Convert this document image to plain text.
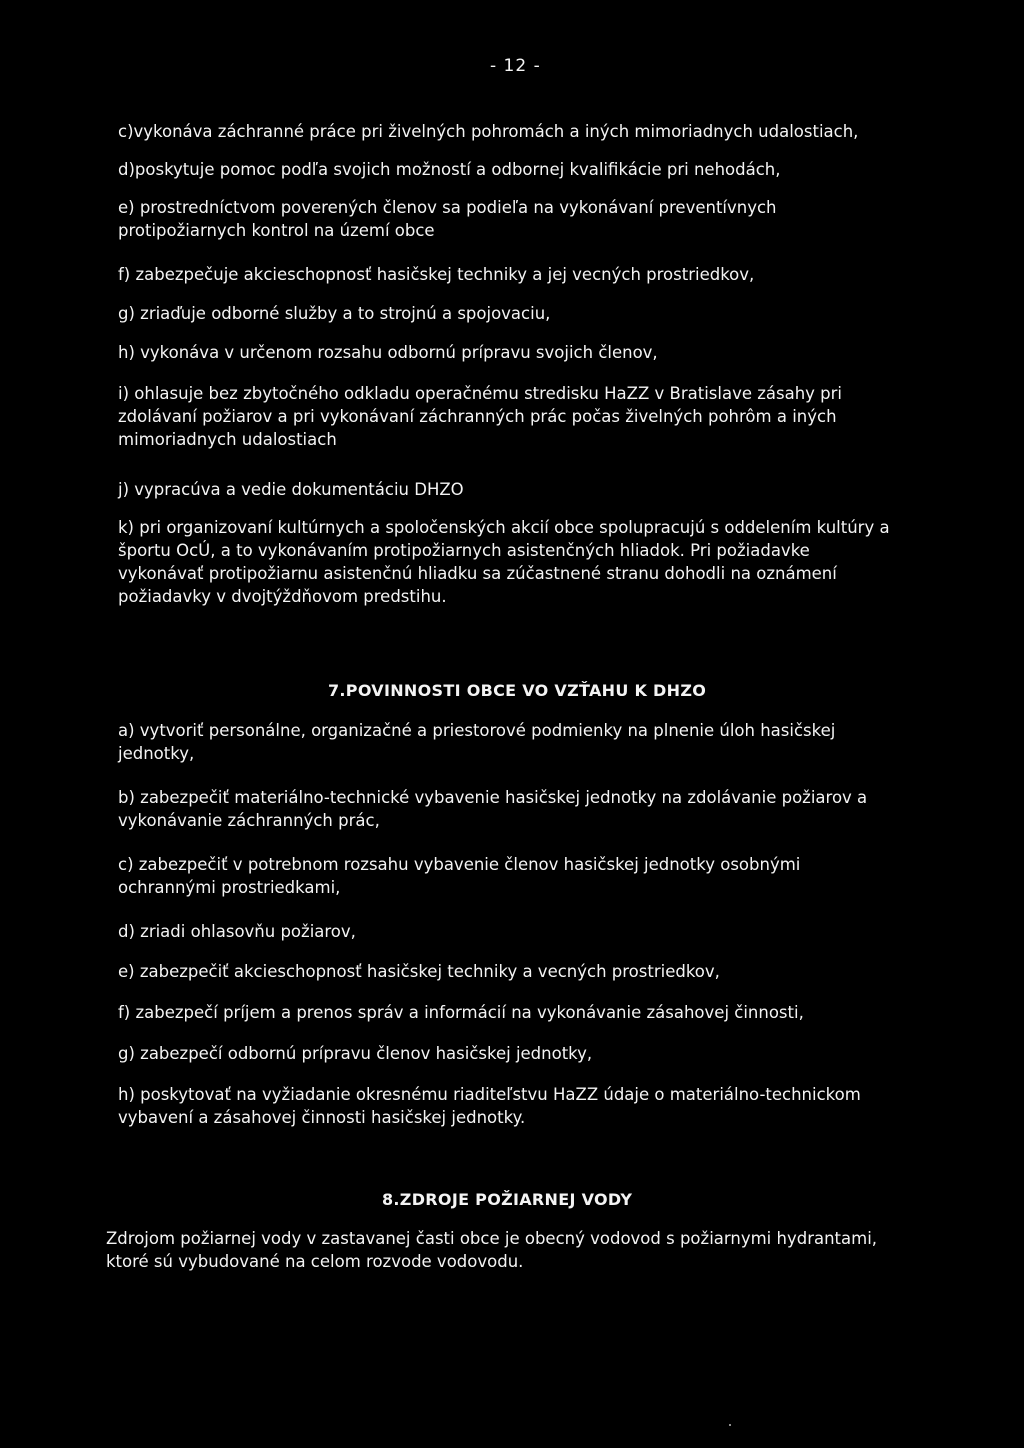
- 12 -

c)vykonáva záchranné práce pri živelných pohromách a iných mimoriadnych udalostiach,

d)poskytuje pomoc podľa svojich možností a odbornej kvalifikácie pri nehodách,

e) prostredníctvom poverených členov sa podieľa na vykonávaní preventívnych protipožiarnych kontrol na území obce

f) zabezpečuje akcieschopnosť hasičskej techniky a jej vecných prostriedkov,

g) zriaďuje odborné služby a to strojnú a spojovaciu,

h) vykonáva v určenom rozsahu odbornú prípravu svojich členov,

i) ohlasuje bez zbytočného odkladu operačnému stredisku HaZZ v Bratislave zásahy pri zdolávaní požiarov a pri vykonávaní záchranných prác počas živelných pohrôm a iných mimoriadnych udalostiach

j) vypracúva a vedie dokumentáciu DHZO

k) pri organizovaní kultúrnych a spoločenských akcií obce spolupracujú s oddelením kultúry a športu OcÚ, a to vykonávaním protipožiarnych asistenčných hliadok. Pri požiadavke vykonávať protipožiarnu asistenčnú hliadku sa zúčastnené stranu dohodli na oznámení požiadavky v dvojtýždňovom predstihu.

7.POVINNOSTI OBCE VO VZŤAHU K DHZO

a) vytvoriť personálne, organizačné a priestorové podmienky na plnenie úloh hasičskej jednotky,

b) zabezpečiť materiálno-technické vybavenie hasičskej jednotky na zdolávanie požiarov a vykonávanie záchranných prác,

c) zabezpečiť v potrebnom rozsahu vybavenie členov hasičskej jednotky osobnými ochrannými prostriedkami,

d) zriadi ohlasovňu požiarov,

e) zabezpečiť akcieschopnosť hasičskej techniky a vecných prostriedkov,

f) zabezpečí príjem a prenos správ a informácií na vykonávanie zásahovej činnosti,

g) zabezpečí odbornú prípravu členov hasičskej jednotky,

h) poskytovať na vyžiadanie okresnému riaditeľstvu HaZZ údaje o materiálno-technickom vybavení a zásahovej činnosti hasičskej jednotky.

8.ZDROJE POŽIARNEJ VODY

Zdrojom požiarnej vody v zastavanej časti obce je obecný vodovod s požiarnymi hydrantami, ktoré sú vybudované na celom rozvode vodovodu.
